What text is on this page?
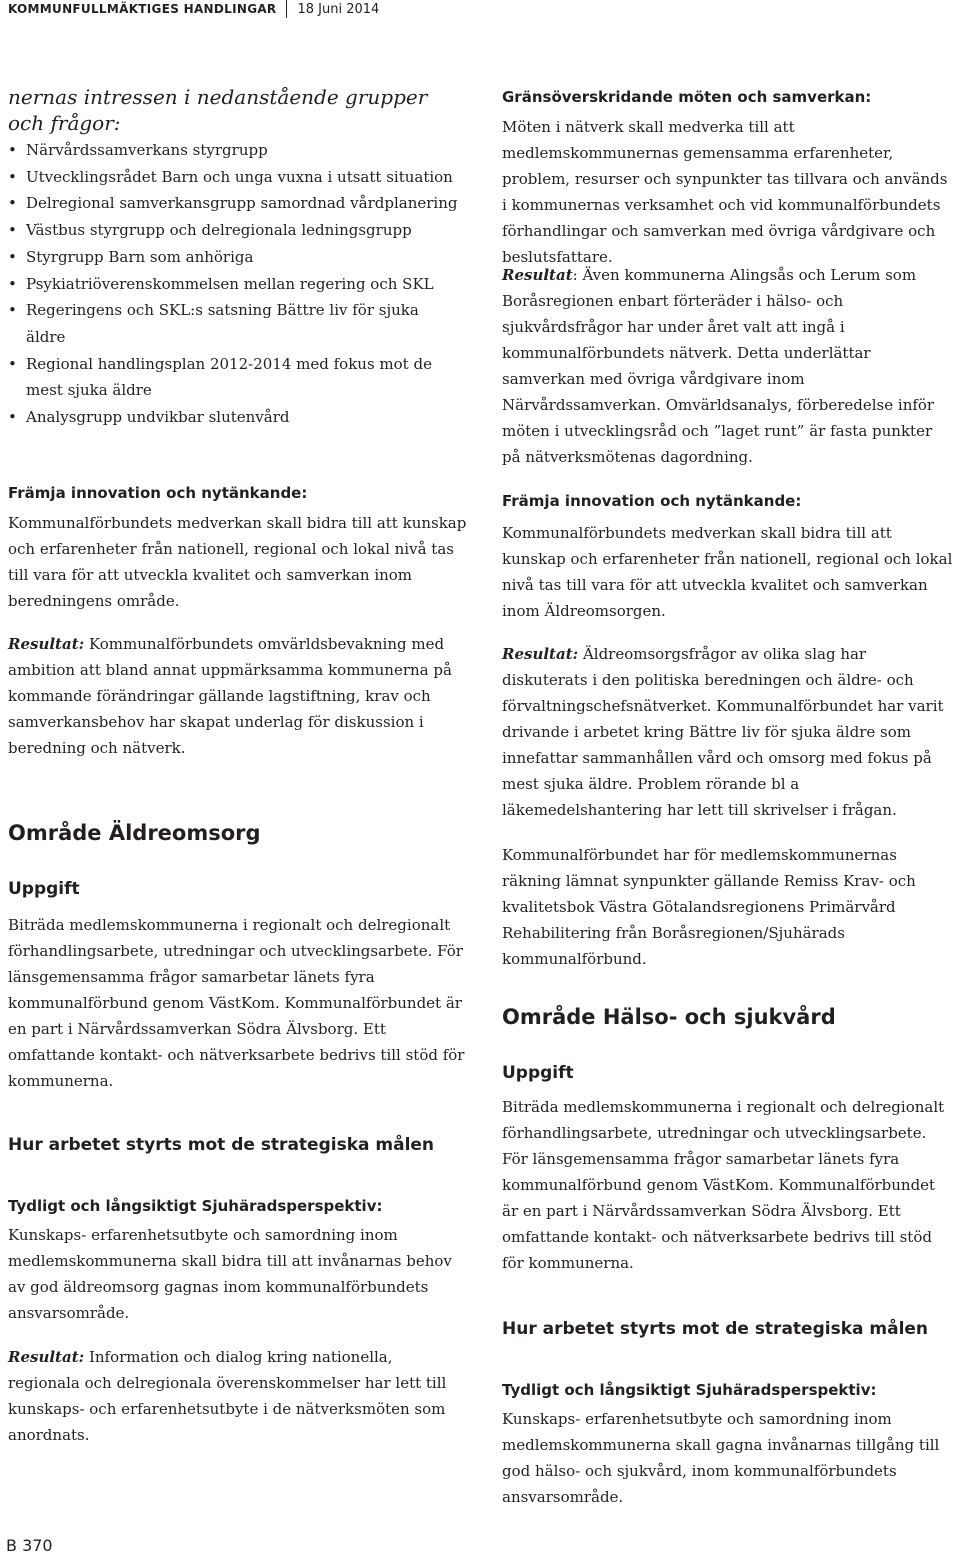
KOMMUNFULLMÄKTIGES HANDLINGAR 18 Juni 2014
nernas intressen i nedanstående grupper och frågor:
• Närvårdssamverkans styrgrupp
• Utvecklingsrådet Barn och unga vuxna i utsatt situation
• Delregional samverkansgrupp samordnad vårdplanering
• Västbus styrgrupp och delregionala ledningsgrupp
• Styrgrupp Barn som anhöriga
• Psykiatriöverenskommelsen mellan regering och SKL
• Regeringens och SKL:s satsning Bättre liv för sjuka äldre
• Regional handlingsplan 2012-2014 med fokus mot de mest sjuka äldre
• Analysgrupp undvikbar slutenvård
Främja innovation och nytänkande:

Kommunalförbundets medverkan skall bidra till att kunskap och erfarenheter från nationell, regional och lokal nivå tas till vara för att utveckla kvalitet och samverkan inom beredningens område.

Resultat: Kommunalförbundets omvärldsbevakning med ambition att bland annat uppmärksamma kommunerna på kommande förändringar gällande lagstiftning, krav och samverkansbehov har skapat underlag för diskussion i beredning och nätverk.

Område Äldreomsorg
Uppgift

Biträda medlemskommunerna i regionalt och delregionalt förhandlingsarbete, utredningar och utvecklingsarbete. För länsgemensamma frågor samarbetar länets fyra kommunalförbund genom VästKom. Kommunalförbundet är en part i Närvårdssamverkan Södra Älvsborg. Ett omfattande kontakt- och nätverksarbete bedrivs till stöd för kommunerna.

Hur arbetet styrts mot de strategiska målen
Tydligt och långsiktigt Sjuhäradsperspektiv:

Kunskaps- erfarenhetsutbyte och samordning inom medlemskommunerna skall bidra till att invånarnas behov av god äldreomsorg gagnas inom kommunalförbundets ansvarsområde.

Resultat: Information och dialog kring nationella, regionala och delregionala överenskommelser har lett till kunskaps- och erfarenhetsutbyte i de nätverksmöten som anordnats.

Gränsöverskridande möten och samverkan:

Möten i nätverk skall medverka till att medlemskommunernas gemensamma erfarenheter, problem, resurser och synpunkter tas tillvara och används i kommunernas verksamhet och vid kommunalförbundets förhandlingar och samverkan med övriga vårdgivare och beslutsfattare.

Resultat: Även kommunerna Alingsås och Lerum som Boråsregionen enbart förteräder i hälso- och sjukvårdsfrågor har under året valt att ingå i kommunalförbundets nätverk. Detta underlättar samverkan med övriga vårdgivare inom Närvårdssamverkan. Omvärldsanalys, förberedelse inför möten i utvecklingsråd och ”laget runt” är fasta punkter på nätverksmötenas dagordning.

Främja innovation och nytänkande:

Kommunalförbundets medverkan skall bidra till att kunskap och erfarenheter från nationell, regional och lokal nivå tas till vara för att utveckla kvalitet och samverkan inom Äldreomsorgen.

Resultat: Äldreomsorgsfrågor av olika slag har diskuterats i den politiska beredningen och äldre- och förvaltningschefsnätverket. Kommunalförbundet har varit drivande i arbetet kring Bättre liv för sjuka äldre som innefattar sammanhållen vård och omsorg med fokus på mest sjuka äldre. Problem rörande bl a läkemedelshantering har lett till skrivelser i frågan.

Kommunalförbundet har för medlemskommunernas räkning lämnat synpunkter gällande Remiss Krav- och kvalitetsbok Västra Götalandsregionens Primärvård Rehabilitering från Boråsregionen/Sjuhärads kommunalförbund.

Område Hälso- och sjukvård
Uppgift

Biträda medlemskommunerna i regionalt och delregionalt förhandlingsarbete, utredningar och utvecklingsarbete. För länsgemensamma frågor samarbetar länets fyra kommunalförbund genom VästKom. Kommunalförbundet är en part i Närvårdssamverkan Södra Älvsborg. Ett omfattande kontakt- och nätverksarbete bedrivs till stöd för kommunerna.

Hur arbetet styrts mot de strategiska målen
Tydligt och långsiktigt Sjuhäradsperspektiv:

Kunskaps- erfarenhetsutbyte och samordning inom medlemskommunerna skall gagna invånarnas tillgång till god hälso- och sjukvård, inom kommunalförbundets ansvarsområde.

B 370
